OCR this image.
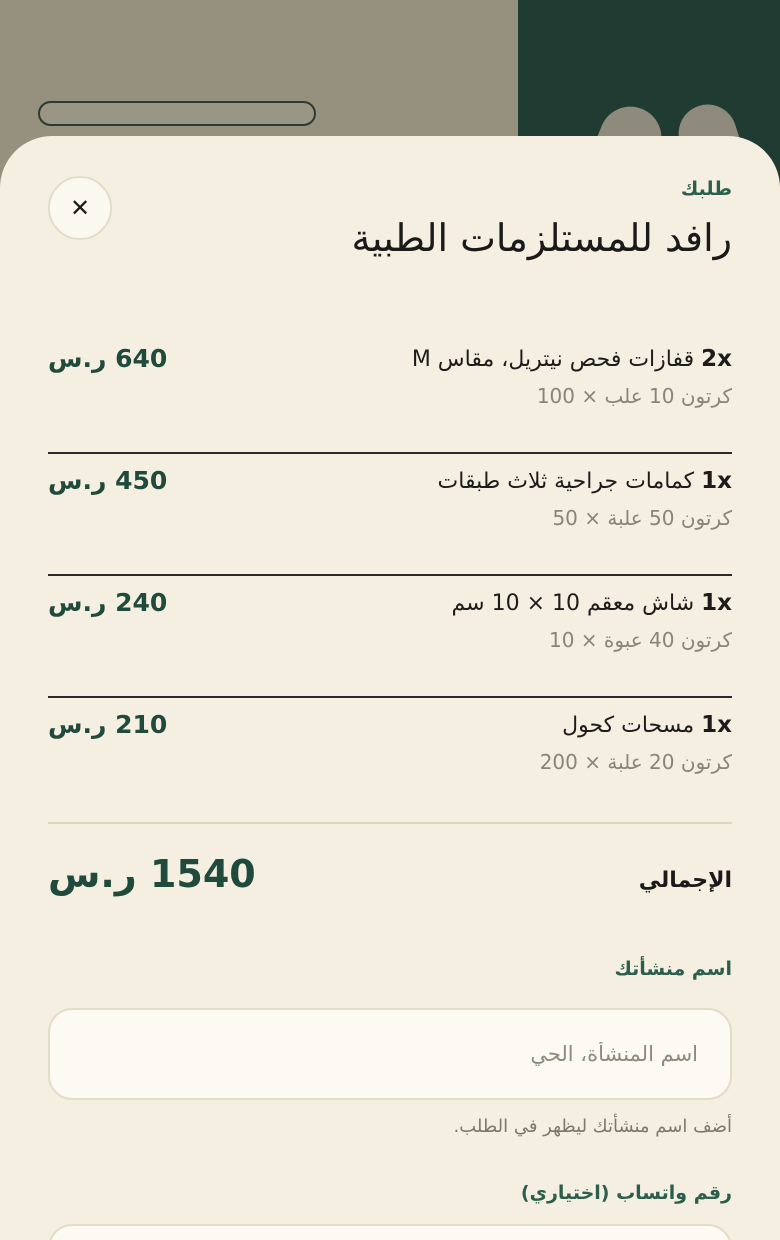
✕
طلبك
رافد للمستلزمات الطبية
2x قفازات فحص نيتريل، مقاس M
كرتون 10 علب × 100
640 ر.س
1x كمامات جراحية ثلاث طبقات
كرتون 50 علبة × 50
450 ر.س
1x شاش معقم 10 × 10 سم
كرتون 40 عبوة × 10
240 ر.س
1x مسحات كحول
كرتون 20 علبة × 200
210 ر.س
الإجمالي
1540 ر.س
اسم منشأتك
اسم المنشأة، الحي
أضف اسم منشأتك ليظهر في الطلب.
رقم واتساب (اختياري)
